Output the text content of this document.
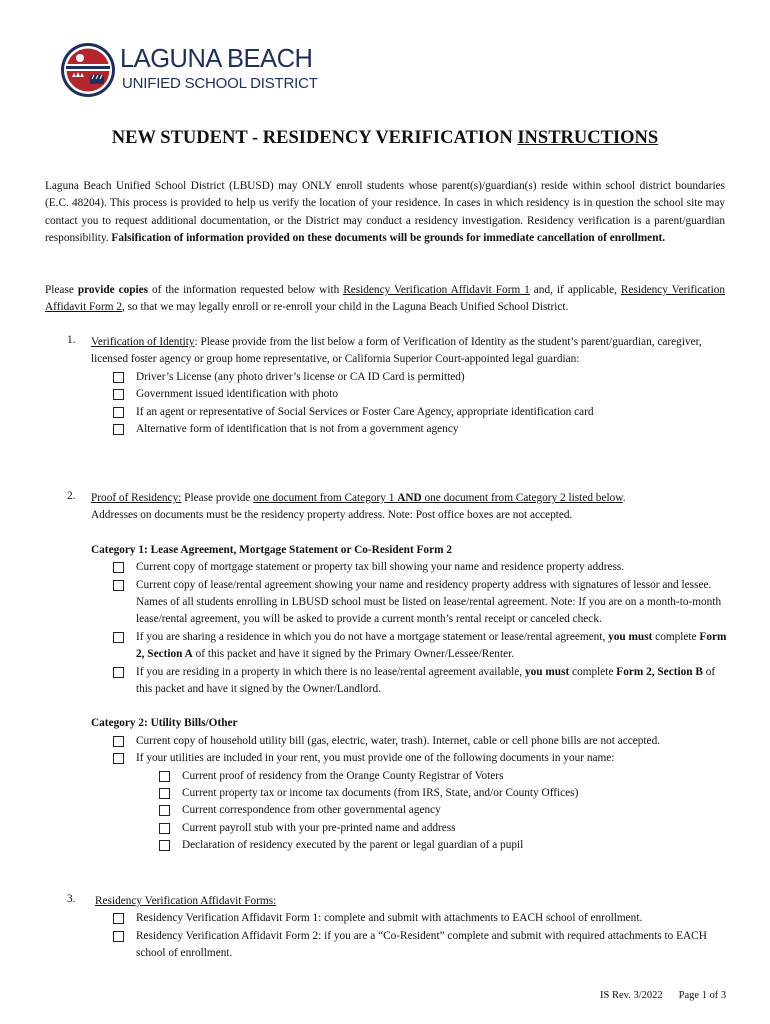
LAGUNA BEACH
UNIFIED SCHOOL DISTRICT
NEW STUDENT - RESIDENCY VERIFICATION INSTRUCTIONS
Laguna Beach Unified School District (LBUSD) may ONLY enroll students whose parent(s)/guardian(s) reside within school district boundaries (E.C. 48204). This process is provided to help us verify the location of your residence. In cases in which residency is in question the school site may contact you to request additional documentation, or the District may conduct a residency investigation. Residency verification is a parent/guardian responsibility. Falsification of information provided on these documents will be grounds for immediate cancellation of enrollment.
Please provide copies of the information requested below with Residency Verification Affidavit Form 1 and, if applicable, Residency Verification Affidavit Form 2, so that we may legally enroll or re-enroll your child in the Laguna Beach Unified School District.
1. Verification of Identity: Please provide from the list below a form of Verification of Identity as the student’s parent/guardian, caregiver, licensed foster agency or group home representative, or California Superior Court-appointed legal guardian:
Driver’s License (any photo driver’s license or CA ID Card is permitted)
Government issued identification with photo
If an agent or representative of Social Services or Foster Care Agency, appropriate identification card
Alternative form of identification that is not from a government agency
2. Proof of Residency: Please provide one document from Category 1 AND one document from Category 2 listed below.
Addresses on documents must be the residency property address. Note: Post office boxes are not accepted.
Category 1: Lease Agreement, Mortgage Statement or Co-Resident Form 2
Current copy of mortgage statement or property tax bill showing your name and residence property address.
Current copy of lease/rental agreement showing your name and residency property address with signatures of lessor and lessee. Names of all students enrolling in LBUSD school must be listed on lease/rental agreement. Note: If you are on a month-to-month lease/rental agreement, you will be asked to provide a current month’s rental receipt or canceled check.
If you are sharing a residence in which you do not have a mortgage statement or lease/rental agreement, you must complete Form 2, Section A of this packet and have it signed by the Primary Owner/Lessee/Renter.
If you are residing in a property in which there is no lease/rental agreement available, you must complete Form 2, Section B of this packet and have it signed by the Owner/Landlord.
Category 2: Utility Bills/Other
Current copy of household utility bill (gas, electric, water, trash). Internet, cable or cell phone bills are not accepted.
If your utilities are included in your rent, you must provide one of the following documents in your name:
Current proof of residency from the Orange County Registrar of Voters
Current property tax or income tax documents (from IRS, State, and/or County Offices)
Current correspondence from other governmental agency
Current payroll stub with your pre-printed name and address
Declaration of residency executed by the parent or legal guardian of a pupil
3. Residency Verification Affidavit Forms:
Residency Verification Affidavit Form 1: complete and submit with attachments to EACH school of enrollment.
Residency Verification Affidavit Form 2: if you are a “Co-Resident” complete and submit with required attachments to EACH school of enrollment.
IS Rev. 3/2022 Page 1 of 3
